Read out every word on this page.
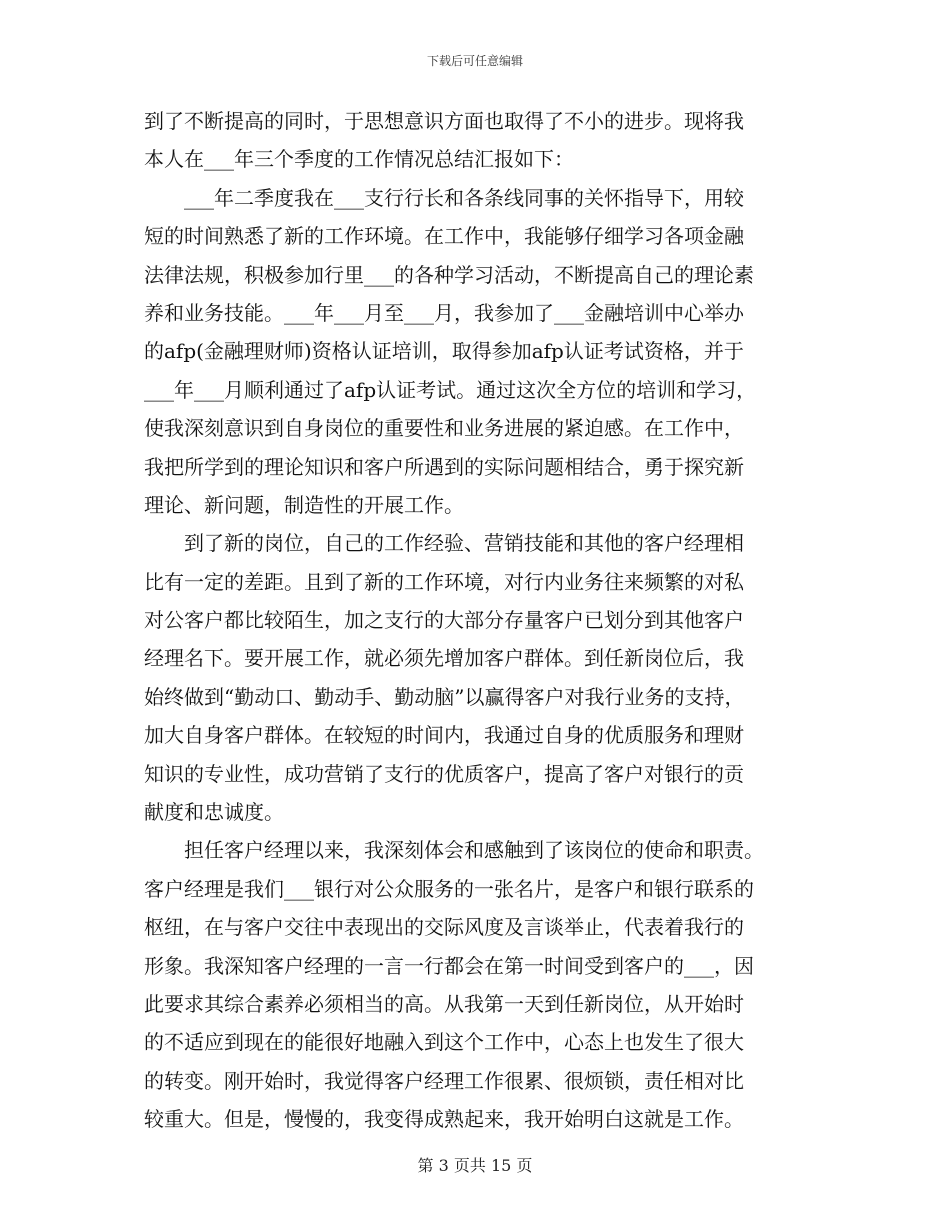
下载后可任意编辑
到了不断提高的同时，于思想意识方面也取得了不小的进步。现将我
本人在___年三个季度的工作情况总结汇报如下：
___年二季度我在___支行行长和各条线同事的关怀指导下，用较
短的时间熟悉了新的工作环境。在工作中，我能够仔细学习各项金融
法律法规，积极参加行里___的各种学习活动，不断提高自己的理论素
养和业务技能。___年___月至___月，我参加了___金融培训中心举办
的afp(金融理财师)资格认证培训，取得参加afp认证考试资格，并于
___年___月顺利通过了afp认证考试。通过这次全方位的培训和学习，
使我深刻意识到自身岗位的重要性和业务进展的紧迫感。在工作中，
我把所学到的理论知识和客户所遇到的实际问题相结合，勇于探究新
理论、新问题，制造性的开展工作。
到了新的岗位，自己的工作经验、营销技能和其他的客户经理相
比有一定的差距。且到了新的工作环境，对行内业务往来频繁的对私
对公客户都比较陌生，加之支行的大部分存量客户已划分到其他客户
经理名下。要开展工作，就必须先增加客户群体。到任新岗位后，我
始终做到“勤动口、勤动手、勤动脑”以赢得客户对我行业务的支持，
加大自身客户群体。在较短的时间内，我通过自身的优质服务和理财
知识的专业性，成功营销了支行的优质客户，提高了客户对银行的贡
献度和忠诚度。
担任客户经理以来，我深刻体会和感触到了该岗位的使命和职责。
客户经理是我们___银行对公众服务的一张名片，是客户和银行联系的
枢纽，在与客户交往中表现出的交际风度及言谈举止，代表着我行的
形象。我深知客户经理的一言一行都会在第一时间受到客户的___，因
此要求其综合素养必须相当的高。从我第一天到任新岗位，从开始时
的不适应到现在的能很好地融入到这个工作中，心态上也发生了很大
的转变。刚开始时，我觉得客户经理工作很累、很烦锁，责任相对比
较重大。但是，慢慢的，我变得成熟起来，我开始明白这就是工作。
第 3 页共 15 页
